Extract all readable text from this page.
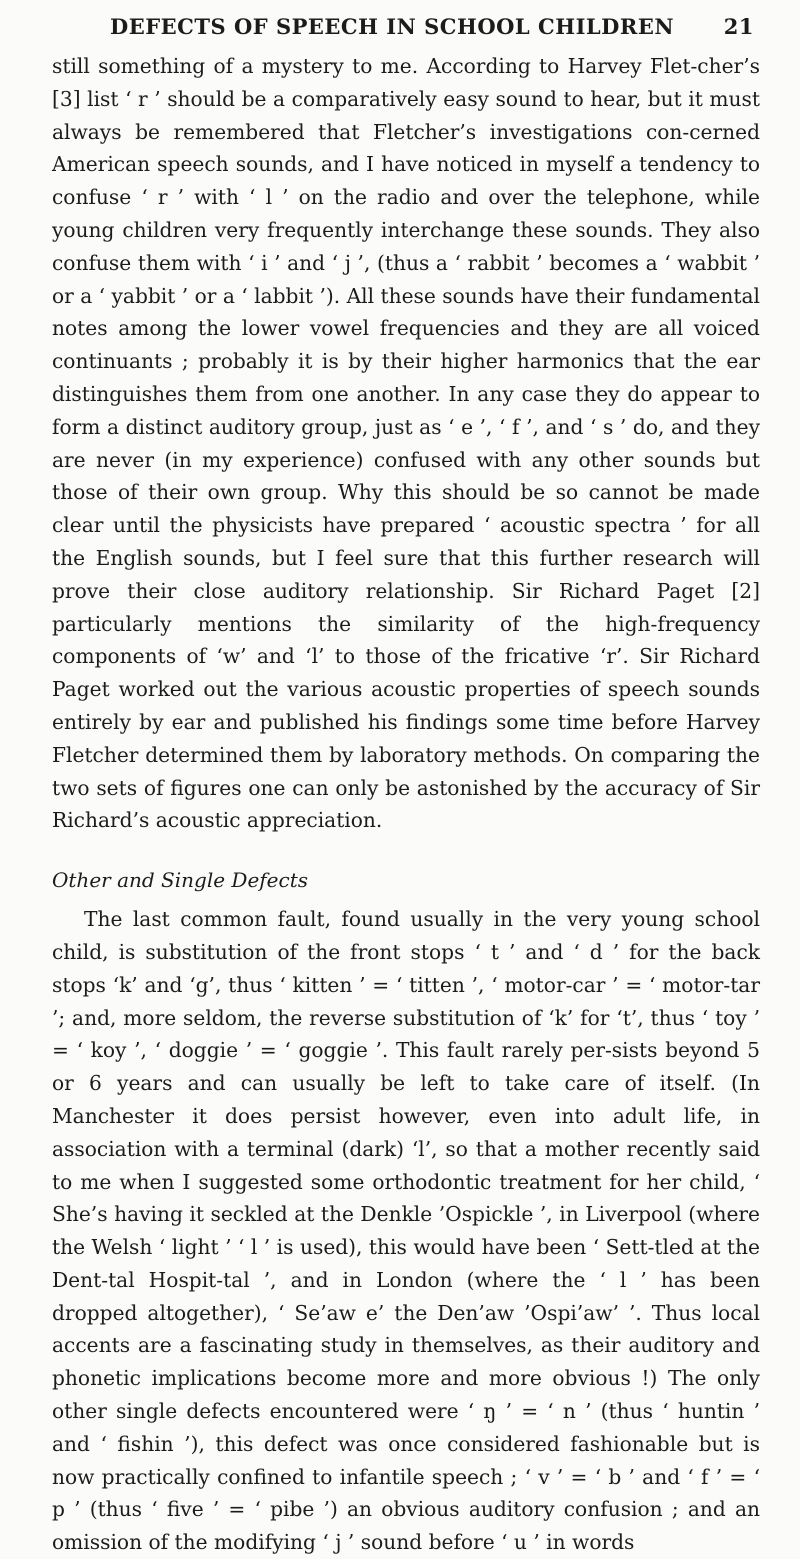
DEFECTS OF SPEECH IN SCHOOL CHILDREN 21

still something of a mystery to me. According to Harvey Flet-cher’s [3] list ‘ r ’ should be a comparatively easy sound to hear, but it must always be remembered that Fletcher’s investigations con-cerned American speech sounds, and I have noticed in myself a tendency to confuse ‘ r ’ with ‘ l ’ on the radio and over the telephone, while young children very frequently interchange these sounds. They also confuse them with ‘ i ’ and ‘ j ’, (thus a ‘ rabbit ’ becomes a ‘ wabbit ’ or a ‘ yabbit ’ or a ‘ labbit ’). All these sounds have their fundamental notes among the lower vowel frequencies and they are all voiced continuants ; probably it is by their higher harmonics that the ear distinguishes them from one another. In any case they do appear to form a distinct auditory group, just as ‘ e ’, ‘ f ’, and ‘ s ’ do, and they are never (in my experience) confused with any other sounds but those of their own group. Why this should be so cannot be made clear until the physicists have prepared ‘ acoustic spectra ’ for all the English sounds, but I feel sure that this further research will prove their close auditory relationship. Sir Richard Paget [2] particularly mentions the similarity of the high-frequency components of ‘w’ and ‘l’ to those of the fricative ‘r’. Sir Richard Paget worked out the various acoustic properties of speech sounds entirely by ear and published his findings some time before Harvey Fletcher determined them by laboratory methods. On comparing the two sets of figures one can only be astonished by the accuracy of Sir Richard’s acoustic appreciation.

Other and Single Defects

The last common fault, found usually in the very young school child, is substitution of the front stops ‘ t ’ and ‘ d ’ for the back stops ‘k’ and ‘g’, thus ‘ kitten ’ = ‘ titten ’, ‘ motor-car ’ = ‘ motor-tar ’; and, more seldom, the reverse substitution of ‘k’ for ‘t’, thus ‘ toy ’ = ‘ koy ’, ‘ doggie ’ = ‘ goggie ’. This fault rarely per-sists beyond 5 or 6 years and can usually be left to take care of itself. (In Manchester it does persist however, even into adult life, in association with a terminal (dark) ‘l’, so that a mother recently said to me when I suggested some orthodontic treatment for her child, ‘ She’s having it seckled at the Denkle ’Ospickle ’, in Liverpool (where the Welsh ‘ light ’ ‘ l ’ is used), this would have been ‘ Sett-tled at the Dent-tal Hospit-tal ’, and in London (where the ‘ l ’ has been dropped altogether), ‘ Se’aw e’ the Den’aw ’Ospi’aw’ ’. Thus local accents are a fascinating study in themselves, as their auditory and phonetic implications become more and more obvious !) The only other single defects encountered were ‘ ŋ ’ = ‘ n ’ (thus ‘ huntin ’ and ‘ fishin ’), this defect was once considered fashionable but is now practically confined to infantile speech ; ‘ v ’ = ‘ b ’ and ‘ f ’ = ‘ p ’ (thus ‘ five ’ = ‘ pibe ’) an obvious auditory confusion ; and an omission of the modifying ‘ j ’ sound before ‘ u ’ in words
